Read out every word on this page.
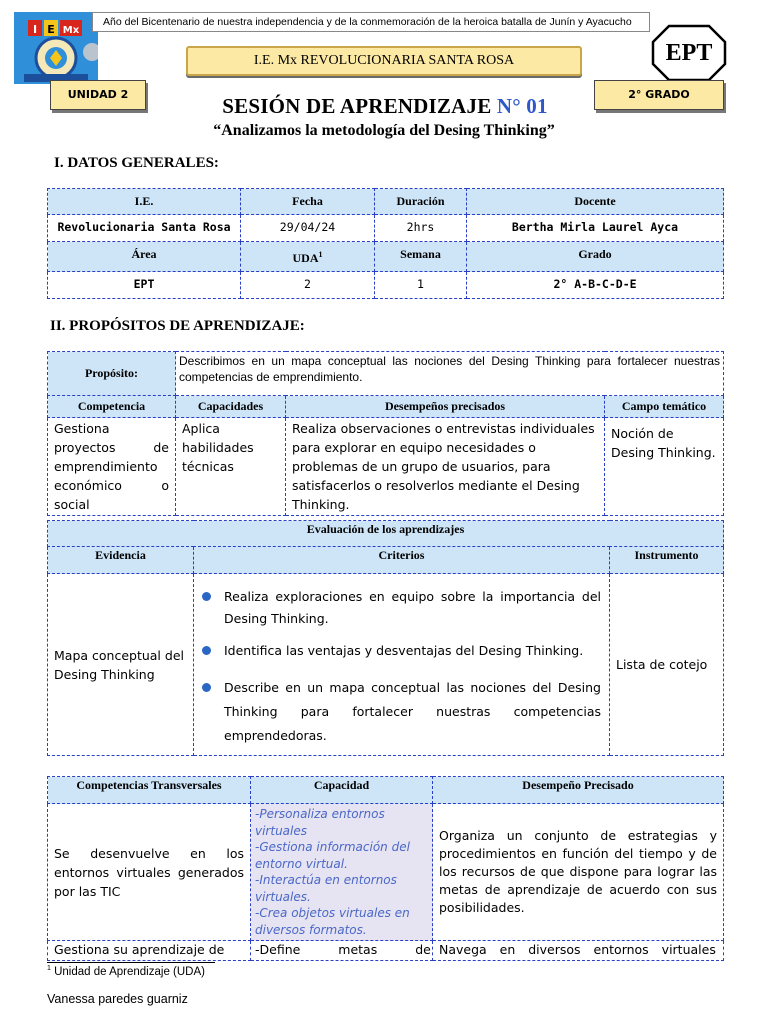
I E Mx
Año del Bicentenario de nuestra independencia y de la conmemoración de la heroica batalla de Junín y Ayacucho
I.E. Mx REVOLUCIONARIA SANTA ROSA	EPT
UNIDAD 2	2° GRADO
SESIÓN DE APRENDIZAJE N° 01
“Analizamos la metodología del Desing Thinking”
I. DATOS GENERALES:
I.E.	Fecha	Duración	Docente
Revolucionaria Santa Rosa	29/04/24	2hrs	Bertha Mirla Laurel Ayca
Área	UDA$^1$	Semana	Grado
EPT	2	1	2° A-B-C-D-E
II. PROPÓSITOS DE APRENDIZAJE:
Propósito:	Describimos en un mapa conceptual las nociones del Desing Thinking para fortalecer nuestras competencias de emprendimiento.		
Competencia	Capacidades	Desempeños precisados	Campo temático
Gestiona proyectos de emprendimiento económico o social	Aplica habilidades técnicas	Realiza observaciones o entrevistas individuales para explorar en equipo necesidades o problemas de un grupo de usuarios, para satisfacerlos o resolverlos mediante el Desing Thinking.	Noción de Desing Thinking.
Evaluación de los aprendizajes		
Evidencia	Criterios	Instrumento
Mapa conceptual del Desing Thinking	Realiza exploraciones en equipo sobre la importancia del Desing Thinking.
Identifica las ventajas y desventajas del Desing Thinking.
Describe en un mapa conceptual las nociones del Desing Thinking para fortalecer nuestras competencias emprendedoras.	Lista de cotejo
Competencias Transversales	Capacidad	Desempeño Precisado
Se desenvuelve en los entornos virtuales generados por las TIC	-Personaliza entornos virtuales
-Gestiona información del entorno virtual.
-Interactúa en entornos virtuales.
-Crea objetos virtuales en diversos formatos.	Organiza un conjunto de estrategias y procedimientos en función del tiempo y de los recursos de que dispone para lograr las metas de aprendizaje de acuerdo con sus posibilidades.
Gestiona su aprendizaje de	-Define metas de	Navega en diversos entornos virtuales
$^1$ Unidad de Aprendizaje (UDA)
Vanessa paredes guarniz
